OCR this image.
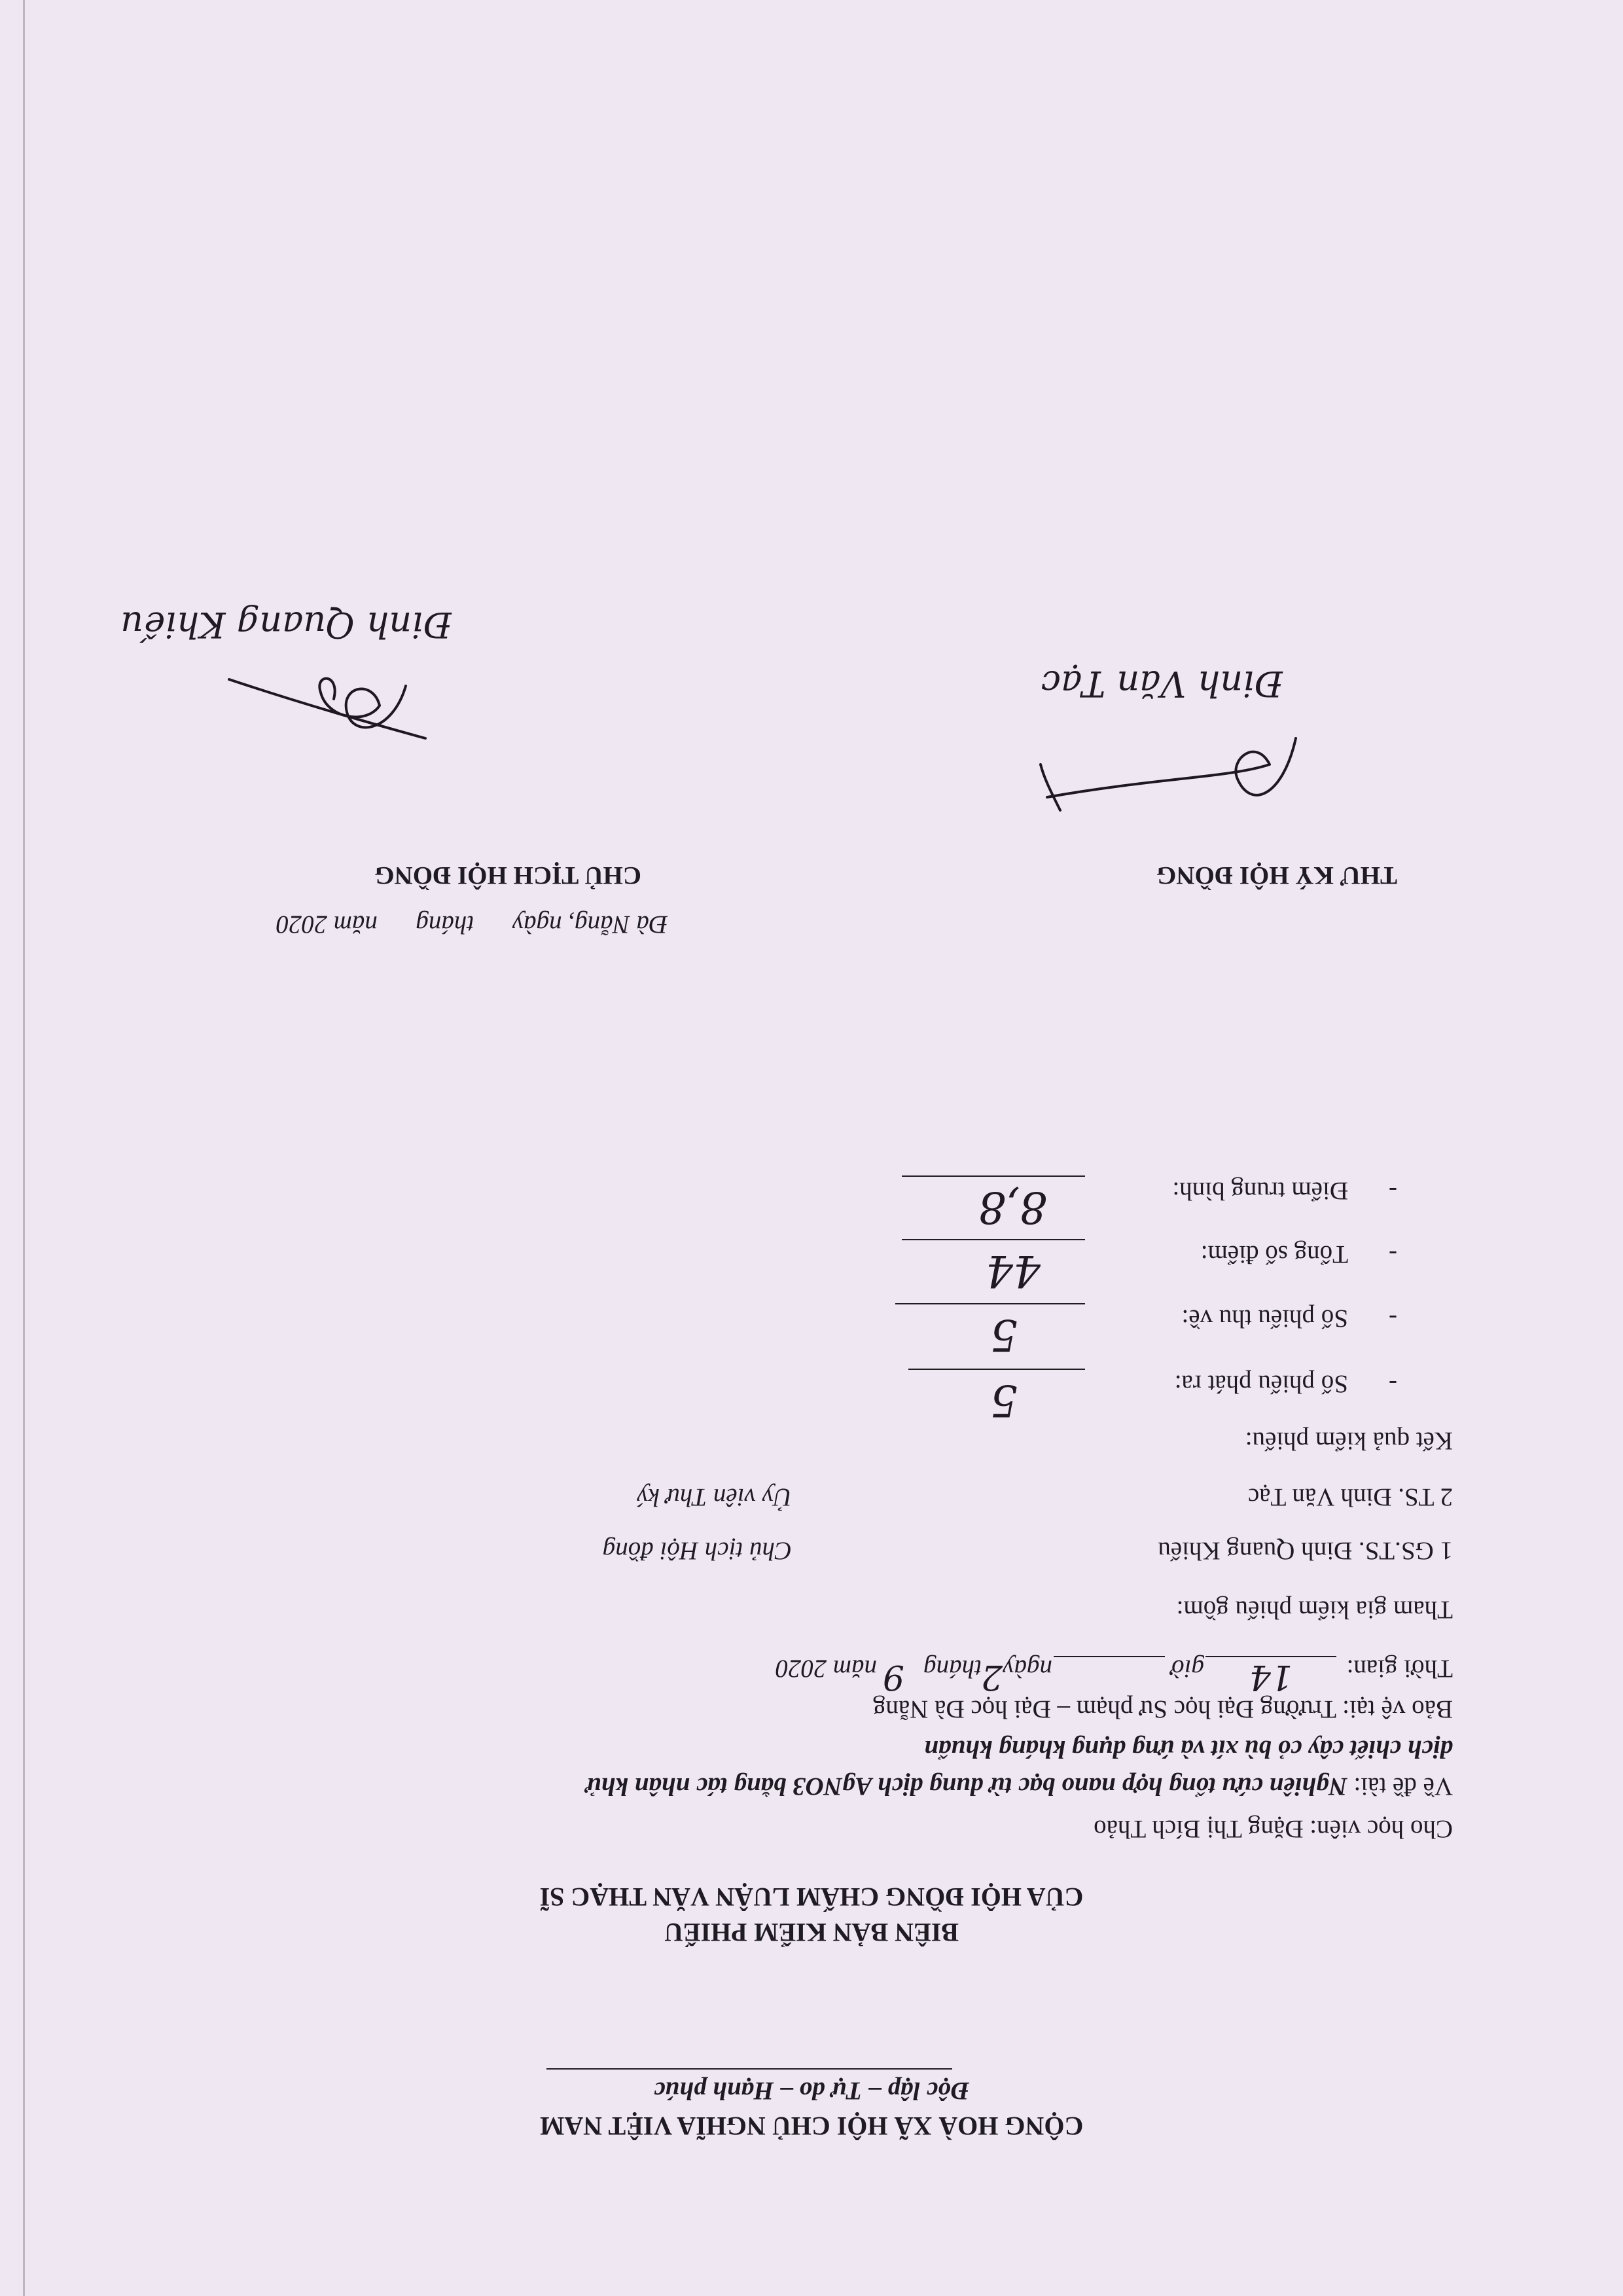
CỘNG HOÀ XÃ HỘI CHỦ NGHĨA VIỆT NAM
Độc lập – Tự do – Hạnh phúc
BIÊN BẢN KIỂM PHIẾU
CỦA HỘI ĐỒNG CHẤM LUẬN VĂN THẠC SĨ
Cho học viên: Đặng Thị Bích Thảo
Về đề tài: Nghiên cứu tổng hợp nano bạc từ dung dịch AgNO3 bằng tác nhân khử
dịch chiết cây cỏ bù xít và ứng dụng kháng khuẩn
Bảo vệ tại: Trường Đại học Sư phạm – Đại học Đà Nẵng
Thời gian:
14
giờ
ngày
2
tháng
9
năm 2020
Tham gia kiểm phiếu gồm:
1 GS.TS. Đinh Quang Khiếu
Chủ tịch Hội đồng
2 TS. Đinh Văn Tạc
Ủy viên Thư ký
Kết quả kiểm phiếu:
-
Số phiếu phát ra:
5
-
Số phiếu thu về:
5
-
Tổng số điểm:
44
-
Điểm trung bình:
8,8
Đà Nẵng, ngày      tháng      năm 2020
THƯ KÝ HỘI ĐỒNG
CHỦ TỊCH HỘI ĐỒNG
Đinh Văn Tạc
Đinh Quang Khiếu
